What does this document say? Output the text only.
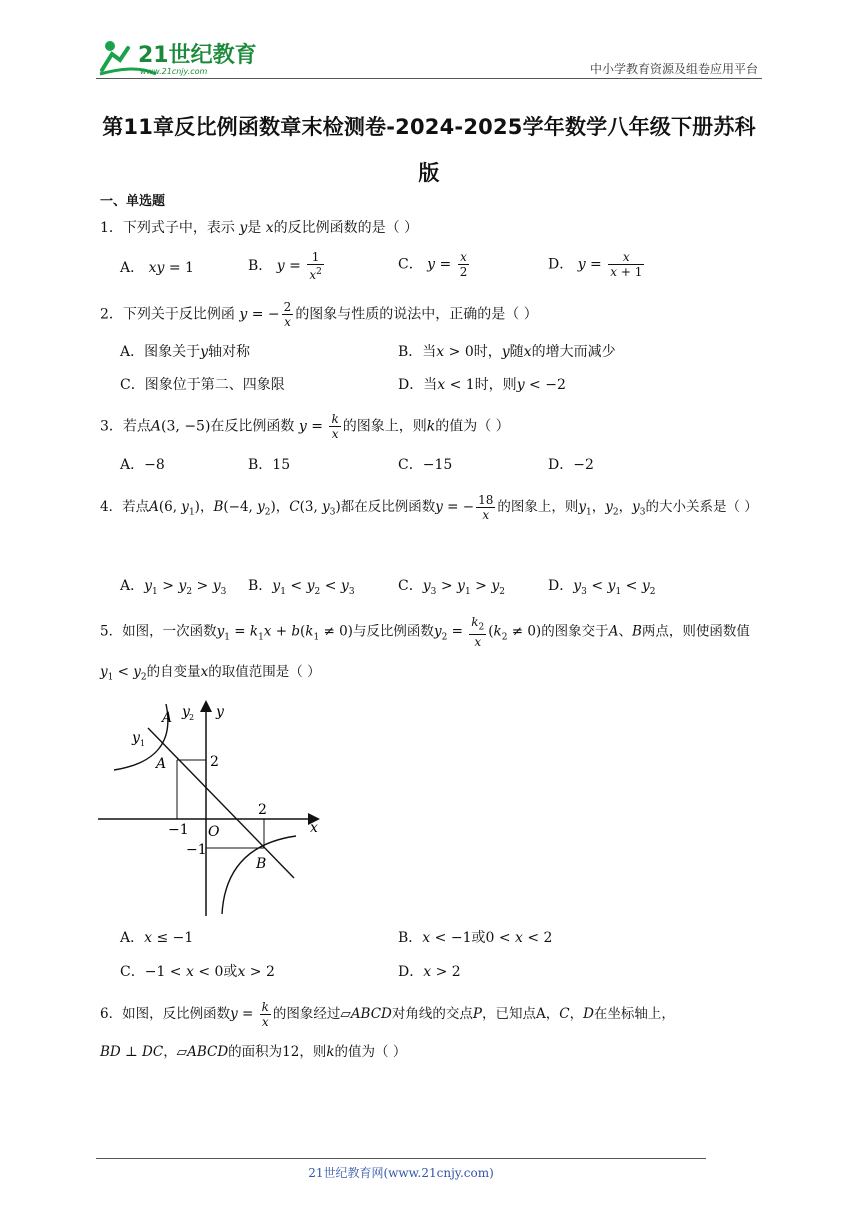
21世纪教育
www.21cnjy.com	中小学教育资源及组卷应用平台
第11章反比例函数章末检测卷-2024-2025学年数学八年级下册苏科版
一、单选题
1．下列式子中，表示 y是 x的反比例函数的是（ ）
A． xy = 1	B． $y = \frac{1}{x^2}$	C． $y = \frac{x}{2}$	D． $y = \frac{x}{x + 1}$
2．下列关于反比例函 y = − $\frac{2}{x}$ 的图象与性质的说法中，正确的是（ ）
A．图象关于y轴对称	B．当x > 0时，y随x的增大而减少
C．图象位于第二、四象限	D．当x < 1时，则y < −2
3．若点A(3, −5)在反比例函数 $y = \frac{k}{x}$ 的图象上，则k的值为（ ）
A．−8	B．15	C．−15	D．−2
4．若点A(6, $y_1$)，B(−4, $y_2$)，C(3, $y_3$)都在反比例函数y = − $\frac{18}{x}$ 的图象上，则$y_1$，$y_2$，$y_3$的大小关系是（ ）
A．$y_1 > y_2 > y_3$ B．$y_1 < y_2 < y_3$	C．$y_3 > y_1 > y_2$	D．$y_3 < y_1 < y_2$
5．如图，一次函数$y_1 = k_1x + b(k_1 \ne 0)$与反比例函数$y_2 = \frac{k_2}{x} (k_2 \ne 0)$的图象交于A、B两点，则使函数值
$y_1 < y_2$的自变量x的取值范围是（ ）
A y 2 y
y 1
A	2
2
−1 O	x
−1
B
A．x ≤ −1	B．x < −1或0 < x < 2
C．−1 < x < 0或x > 2	D．x > 2
6．如图，反比例函数$y = \frac{k}{x}$ 的图象经过▱ABCD对角线的交点P，已知点A，C，D在坐标轴上，
BD ⊥ DC，▱ABCD的面积为12，则k的值为（ ）
21世纪教育网(www.21cnjy.com)
